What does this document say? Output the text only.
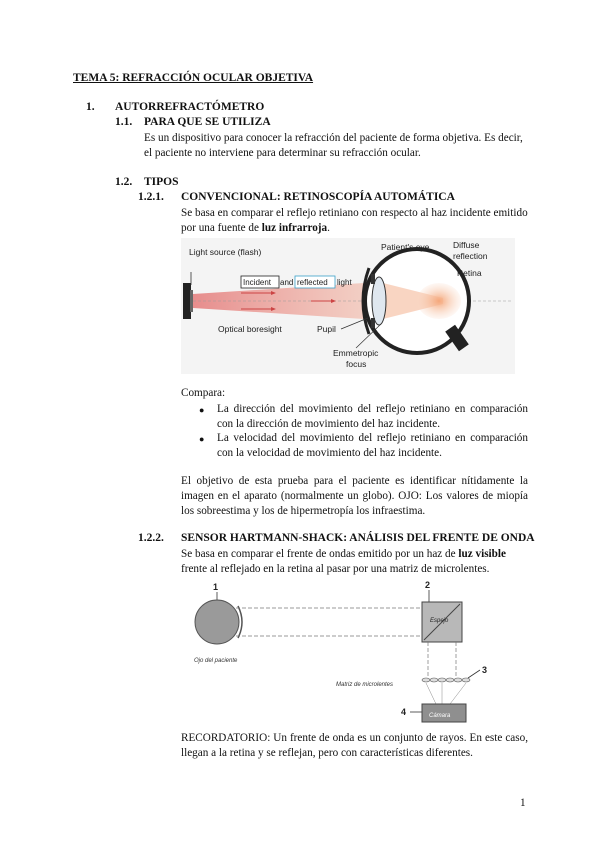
TEMA 5: REFRACCIÓN OCULAR OBJETIVA
1. AUTORREFRACTÓMETRO
1.1. PARA QUE SE UTILIZA
Es un dispositivo para conocer la refracción del paciente de forma objetiva. Es decir,
el paciente no interviene para determinar su refracción ocular.
1.2. TIPOS
1.2.1. CONVENCIONAL: RETINOSCOPÍA AUTOMÁTICA
Se basa en comparar el reflejo retiniano con respecto al haz incidente emitido
por una fuente de luz infrarroja.
Light source (flash)	Patient's eye	Diffuse
reflection
Retina
Incident and reflected light
Optical boresight	Pupil
Emmetropic
focus
Compara:
● La dirección del movimiento del reflejo retiniano en comparación
con la dirección de movimiento del haz incidente.
● La velocidad del movimiento del reflejo retiniano en comparación
con la velocidad de movimiento del haz incidente.
El objetivo de esta prueba para el paciente es identificar nítidamente la
imagen en el aparato (normalmente un globo). OJO: Los valores de miopía
los sobreestima y los de hipermetropía los infraestima.
1.2.2. SENSOR HARTMANN-SHACK: ANÁLISIS DEL FRENTE DE ONDA
Se basa en comparar el frente de ondas emitido por un haz de luz visible
frente al reflejado en la retina al pasar por una matriz de microlentes.
1	2
3
4
Ojo del paciente
Espejo
Matriz de microlentes
Cámara
RECORDATORIO: Un frente de onda es un conjunto de rayos. En este caso,
llegan a la retina y se reflejan, pero con características diferentes.
1
